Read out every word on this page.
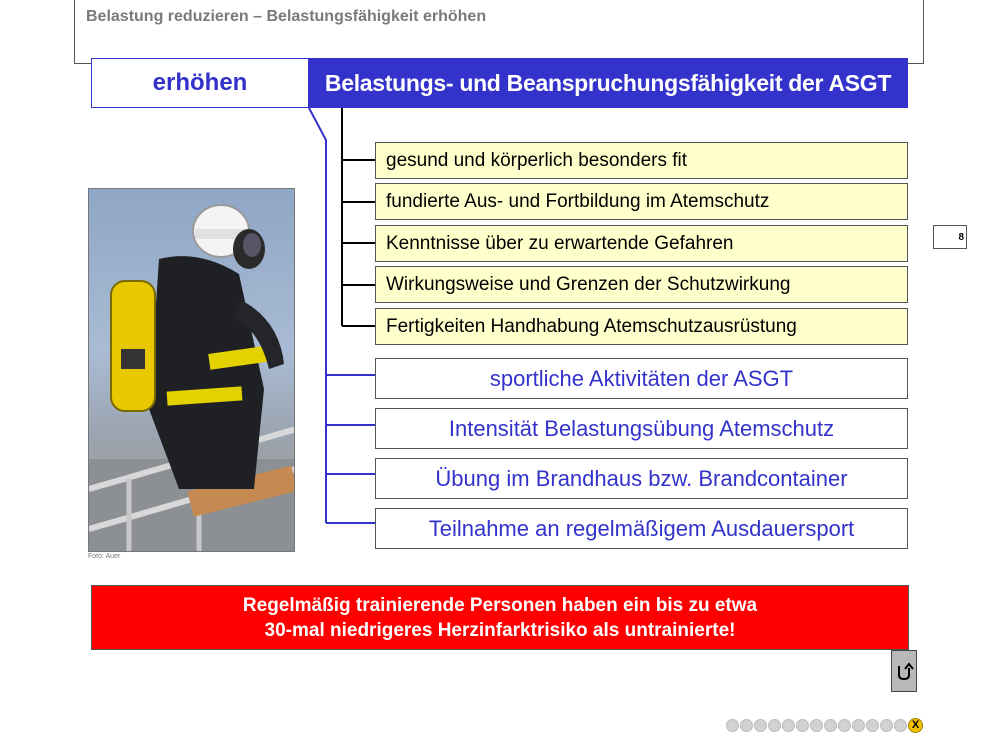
Belastung reduzieren – Belastungsfähigkeit erhöhen
erhöhen	Belastungs- und Beanspruchungsfähigkeit der ASGT
gesund und körperlich besonders fit
fundierte Aus- und Fortbildung im Atemschutz
Kenntnisse über zu erwartende Gefahren
Wirkungsweise und Grenzen der Schutzwirkung
Fertigkeiten Handhabung Atemschutzausrüstung
sportliche Aktivitäten der ASGT
Intensität Belastungsübung Atemschutz
Übung im Brandhaus bzw. Brandcontainer
Teilnahme an regelmäßigem Ausdauersport
Foto: Auer
8
Regelmäßig trainierende Personen haben ein bis zu etwa
30-mal niedrigeres Herzinfarktrisiko als untrainierte!
X
